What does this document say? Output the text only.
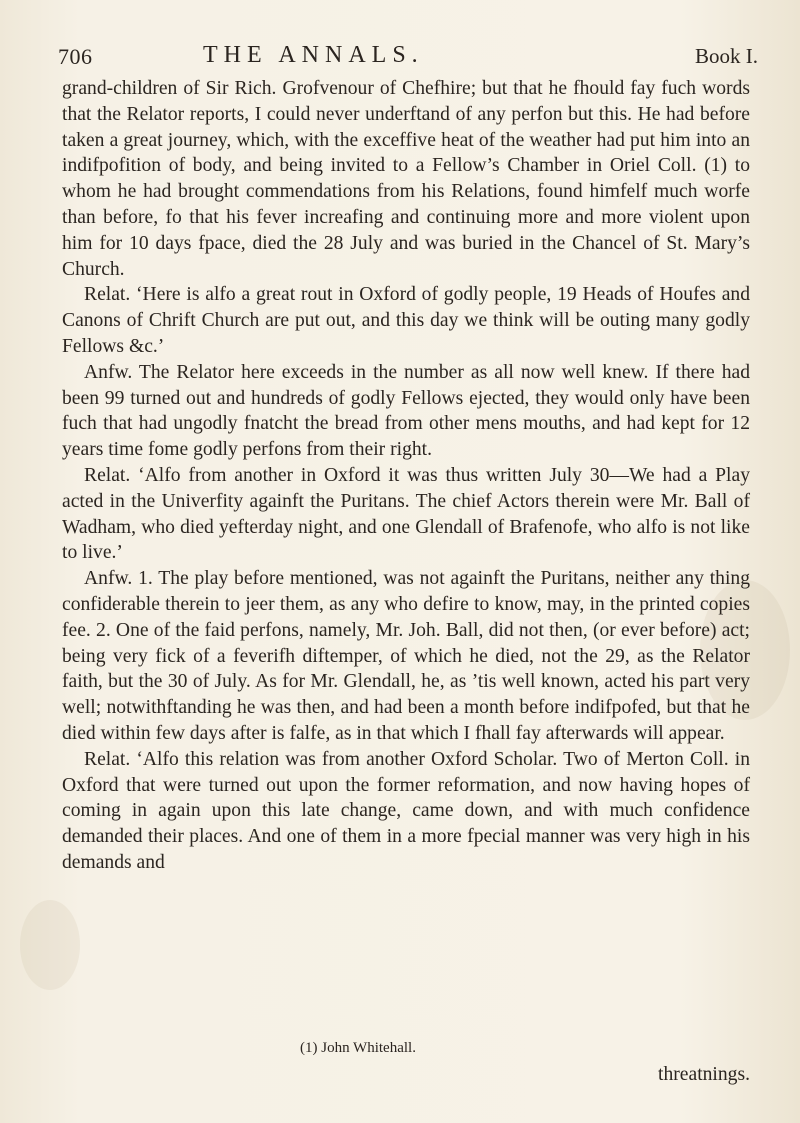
706	THE ANNALS.	Book I.

grand-children of Sir Rich. Grofvenour of Chefhire; but that he fhould fay fuch words that the Relator reports, I could never underftand of any perfon but this. He had before taken a great journey, which, with the exceffive heat of the weather had put him into an indifpofition of body, and being invited to a Fellow’s Chamber in Oriel Coll. (1) to whom he had brought commendations from his Relations, found himfelf much worfe than before, fo that his fever increafing and continuing more and more violent upon him for 10 days fpace, died the 28 July and was buried in the Chancel of St. Mary’s Church.

Relat. ‘Here is alfo a great rout in Oxford of godly people, 19 Heads of Houfes and Canons of Chrift Church are put out, and this day we think will be outing many godly Fellows &c.’

Anfw. The Relator here exceeds in the number as all now well knew. If there had been 99 turned out and hundreds of godly Fellows ejected, they would only have been fuch that had ungodly fnatcht the bread from other mens mouths, and had kept for 12 years time fome godly perfons from their right.

Relat. ‘Alfo from another in Oxford it was thus written July 30—We had a Play acted in the Univerfity againft the Puritans. The chief Actors therein were Mr. Ball of Wadham, who died yefterday night, and one Glendall of Brafenofe, who alfo is not like to live.’

Anfw. 1. The play before mentioned, was not againft the Puritans, neither any thing confiderable therein to jeer them, as any who defire to know, may, in the printed copies fee. 2. One of the faid perfons, namely, Mr. Joh. Ball, did not then, (or ever before) act; being very fick of a feverifh diftemper, of which he died, not the 29, as the Relator faith, but the 30 of July. As for Mr. Glendall, he, as ’tis well known, acted his part very well; notwithftanding he was then, and had been a month before indifpofed, but that he died within few days after is falfe, as in that which I fhall fay afterwards will appear.

Relat. ‘Alfo this relation was from another Oxford Scholar. Two of Merton Coll. in Oxford that were turned out upon the former reformation, and now having hopes of coming in again upon this late change, came down, and with much confidence demanded their places. And one of them in a more fpecial manner was very high in his demands and

(1) John Whitehall.
threatnings.
